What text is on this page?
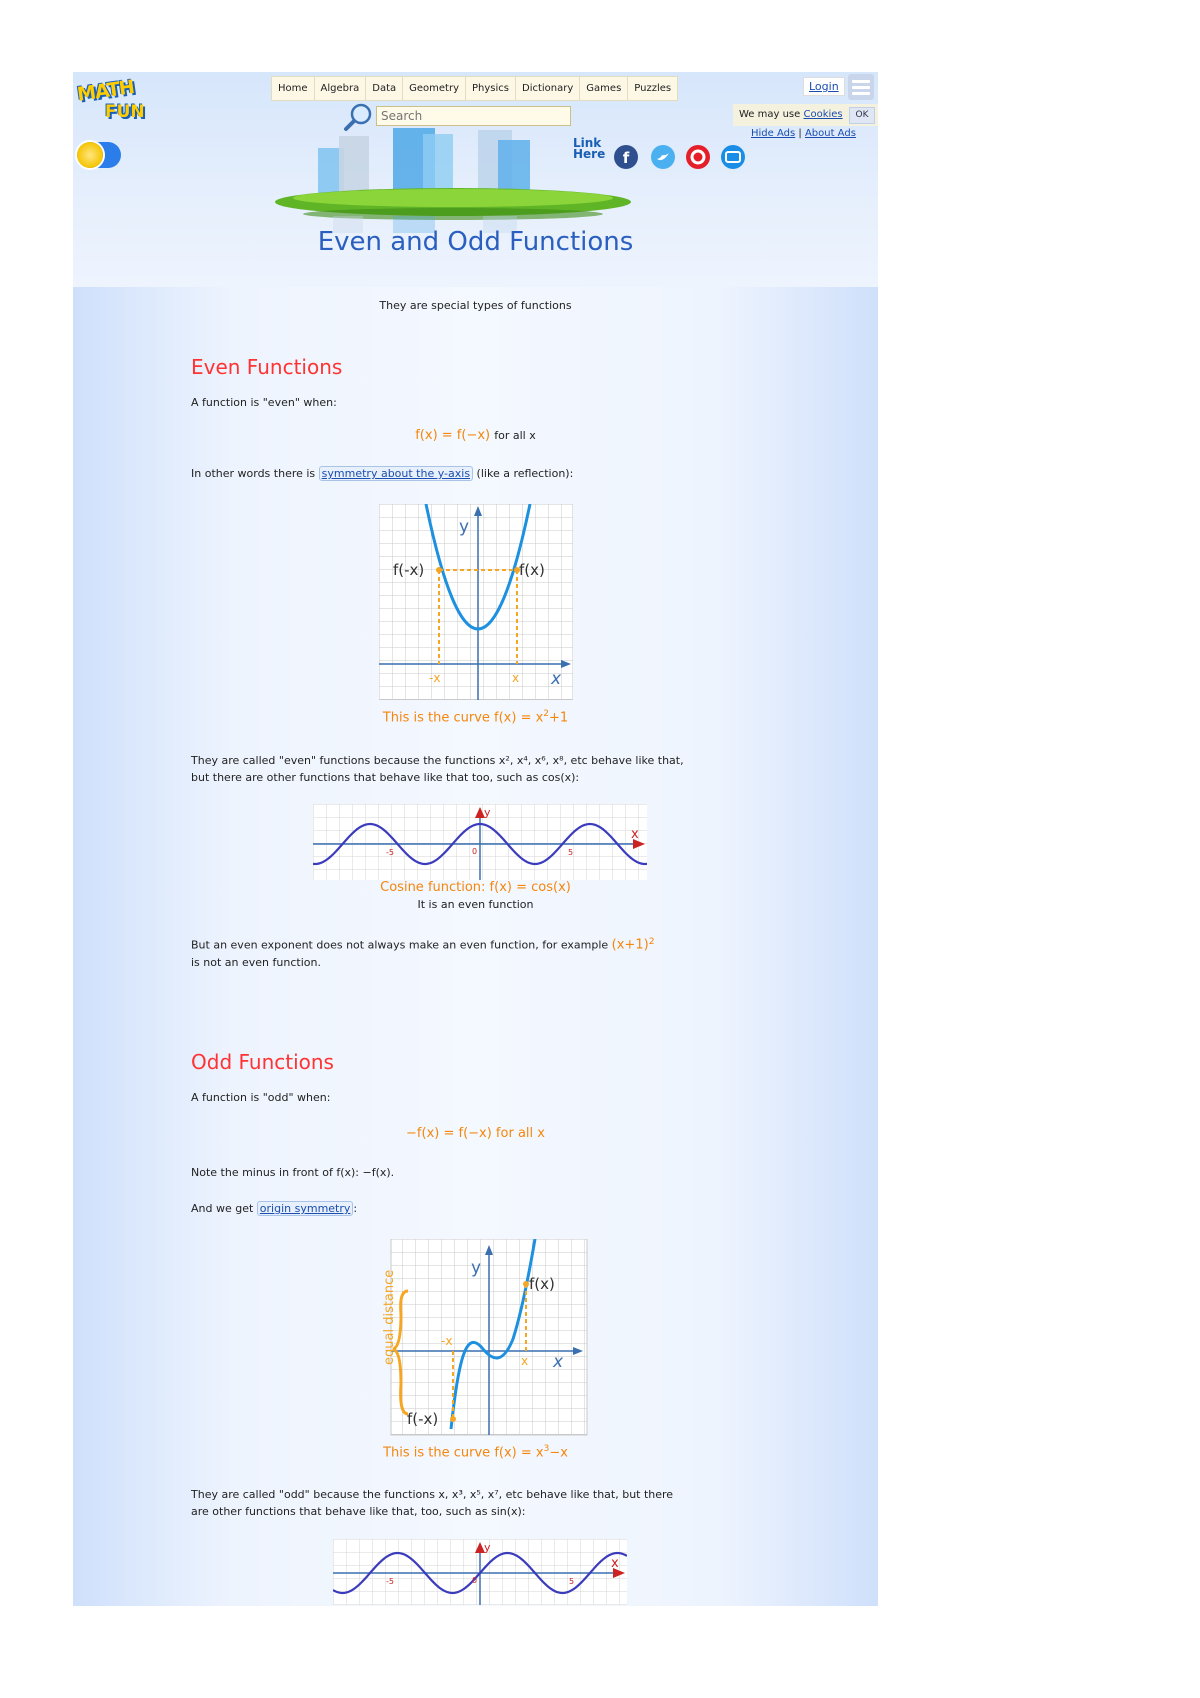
MATH
FUN
Home	Algebra	Data	Geometry	Physics	Dictionary	Games	Puzzles
Search	Login
We may use Cookies	OK
Hide Ads | About Ads
Link
Here f
Even and Odd Functions
They are special types of functions
Even Functions
A function is "even" when:
f(x) = f(−x) for all x
In other words there is symmetry about the y-axis (like a reflection):
y
x
f(-x)	f(x)
-x	x
This is the curve $f(x) = x^2+1$
They are called "even" functions because the functions x², x⁴, x⁶, x⁸, etc behave like that, but there are other functions that behave like that too, such as cos(x):
y
x
-5	0	5
Cosine function: f(x) = cos(x)
It is an even function
But an even exponent does not always make an even function, for example $(x+1)^2$
is not an even function.
Odd Functions
A function is "odd" when:
−f(x) = f(−x) for all x
Note the minus in front of f(x): −f(x).
And we get origin symmetry :
equal distance
y
x
f(x)
f(-x)
-x
x
This is the curve $f(x) = x^3-x$
They are called "odd" because the functions x, x³, x⁵, x⁷, etc behave like that, but there are other functions that behave like that, too, such as sin(x):
y
x
-5	0	5
